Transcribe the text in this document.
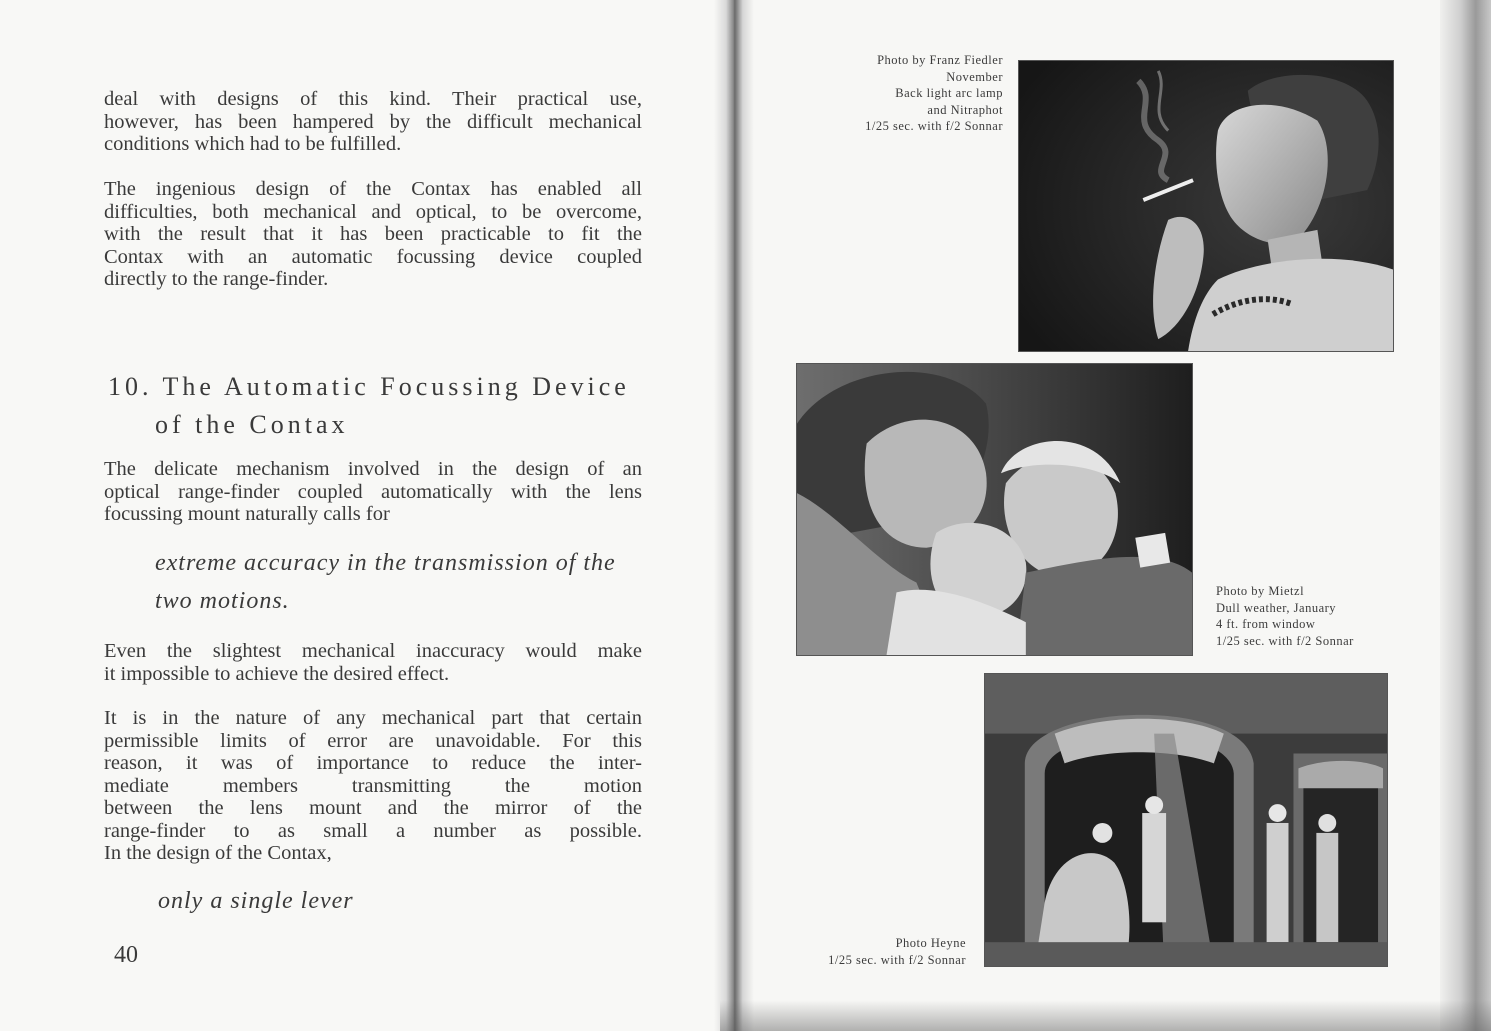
deal with designs of this kind. Their practical use,
however, has been hampered by the difficult mechanical
conditions which had to be fulfilled.
The ingenious design of the Contax has enabled all
difficulties, both mechanical and optical, to be overcome,
with the result that it has been practicable to fit the
Contax with an automatic focussing device coupled
directly to the range-finder.
10. The Automatic Focussing Device
of the Contax
The delicate mechanism involved in the design of an
optical range-finder coupled automatically with the lens
focussing mount naturally calls for
extreme accuracy in the transmission of the
two motions.
Even the slightest mechanical inaccuracy would make
it impossible to achieve the desired effect.
It is in the nature of any mechanical part that certain
permissible limits of error are unavoidable. For this
reason, it was of importance to reduce the inter-
mediate members transmitting the motion
between the lens mount and the mirror of the
range-finder to as small a number as possible.
In the design of the Contax,
only a single lever
40
Photo by Franz Fiedler
November
Back light arc lamp
and Nitraphot
1/25 sec. with f/2 Sonnar
Photo by Mietzl
Dull weather, January
4 ft. from window
1/25 sec. with f/2 Sonnar
Photo Heyne
1/25 sec. with f/2 Sonnar
